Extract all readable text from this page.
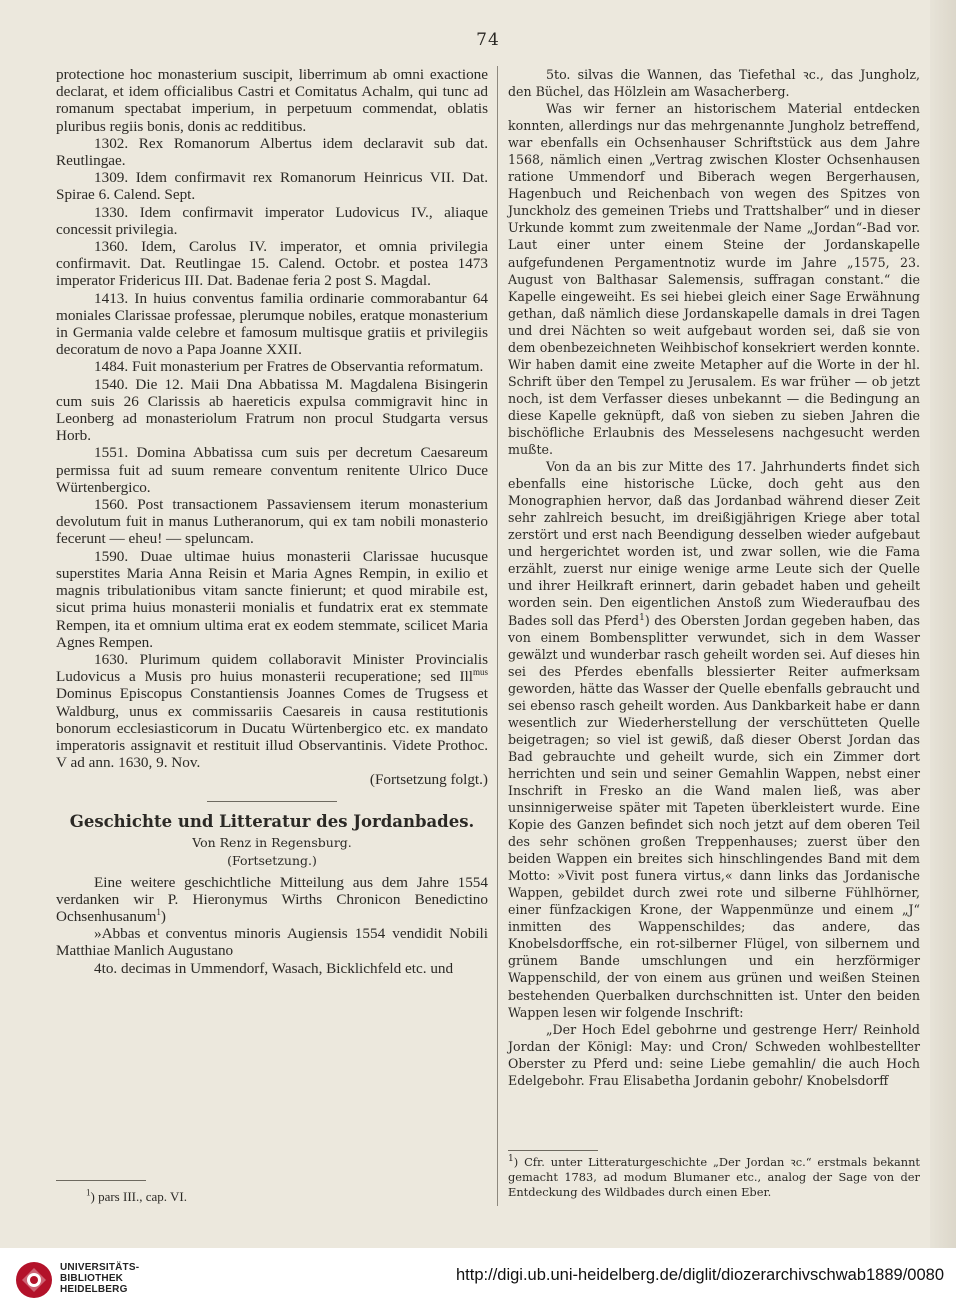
74

protectione hoc monasterium suscipit, liberrimum ab omni exactione declarat, et idem officialibus Castri et Comitatus Achalm, qui tunc ad romanum spectabat imperium, in perpetuum commendat, oblatis pluribus regiis bonis, donis ac redditibus.

1302. Rex Romanorum Albertus idem declaravit sub dat. Reutlingae.

1309. Idem confirmavit rex Romanorum Heinricus VII. Dat. Spirae 6. Calend. Sept.

1330. Idem confirmavit imperator Ludovicus IV., aliaque concessit privilegia.

1360. Idem, Carolus IV. imperator, et omnia privilegia confirmavit. Dat. Reutlingae 15. Calend. Octobr. et postea 1473 imperator Fridericus III. Dat. Badenae feria 2 post S. Magdal.

1413. In huius conventus familia ordinarie commorabantur 64 moniales Clarissae professae, plerumque nobiles, eratque monasterium in Germania valde celebre et famosum multisque gratiis et privilegiis decoratum de novo a Papa Joanne XXII.

1484. Fuit monasterium per Fratres de Observantia reformatum.

1540. Die 12. Maii Dna Abbatissa M. Magdalena Bisingerin cum suis 26 Clarissis ab haereticis expulsa commigravit hinc in Leonberg ad monasteriolum Fratrum non procul Studgarta versus Horb.

1551. Domina Abbatissa cum suis per decretum Caesareum permissa fuit ad suum remeare conventum renitente Ulrico Duce Würtenbergico.

1560. Post transactionem Passaviensem iterum monasterium devolutum fuit in manus Lutheranorum, qui ex tam nobili monasterio fecerunt — eheu! — speluncam.

1590. Duae ultimae huius monasterii Clarissae hucusque superstites Maria Anna Reisin et Maria Agnes Rempin, in exilio et magnis tribulationibus vitam sancte finierunt; et quod mirabile est, sicut prima huius monasterii monialis et fundatrix erat ex stemmate Rempen, ita et omnium ultima erat ex eodem stemmate, scilicet Maria Agnes Rempen.

1630. Plurimum quidem collaboravit Minister Provincialis Ludovicus a Musis pro huius monasterii recuperatione; sed Ill$^{mus}$ Dominus Episcopus Constantiensis Joannes Comes de Trugsess et Waldburg, unus ex commissariis Caesareis in causa restitutionis bonorum ecclesiasticorum in Ducatu Würtenbergico etc. ex mandato imperatoris assignavit et restituit illud Observantinis. Videte Prothoc. V ad ann. 1630, 9. Nov.

(Fortsetzung folgt.)
Geschichte und Litteratur des Jordanbades.
Von Renz in Regensburg.
(Fortsetzung.)

Eine weitere geschichtliche Mitteilung aus dem Jahre 1554 verdanken wir P. Hieronymus Wirths Chronicon Benedictino Ochsenhusanum$^1$)

»Abbas et conventus minoris Augiensis 1554 vendidit Nobili Matthiae Manlich Augustano

4to. decimas in Ummendorf, Wasach, Bicklichfeld etc. und

5to. silvas die Wannen, das Tiefethal ꝛc., das Jungholz, den Büchel, das Hölzlein am Wasacherberg.

Was wir ferner an historischem Material entdecken konnten, allerdings nur das mehrgenannte Jungholz betreffend, war ebenfalls ein Ochsenhauser Schriftstück aus dem Jahre 1568, nämlich einen „Vertrag zwischen Kloster Ochsenhausen ratione Ummendorf und Biberach wegen Bergerhausen, Hagenbuch und Reichenbach von wegen des Spitzes von Junckholz des gemeinen Triebs und Trattshalber“ und in dieser Urkunde kommt zum zweitenmale der Name „Jordan“-Bad vor. Laut einer unter einem Steine der Jordanskapelle aufgefundenen Pergamentnotiz wurde im Jahre „1575, 23. August von Balthasar Salemensis, suffragan constant.“ die Kapelle eingeweiht. Es sei hiebei gleich einer Sage Erwähnung gethan, daß nämlich diese Jordanskapelle damals in drei Tagen und drei Nächten so weit aufgebaut worden sei, daß sie von dem obenbezeichneten Weihbischof konsekriert werden konnte. Wir haben damit eine zweite Metapher auf die Worte in der hl. Schrift über den Tempel zu Jerusalem. Es war früher — ob jetzt noch, ist dem Verfasser dieses unbekannt — die Bedingung an diese Kapelle geknüpft, daß von sieben zu sieben Jahren die bischöfliche Erlaubnis des Messelesens nachgesucht werden mußte.

Von da an bis zur Mitte des 17. Jahrhunderts findet sich ebenfalls eine historische Lücke, doch geht aus den Monographien hervor, daß das Jordanbad während dieser Zeit sehr zahlreich besucht, im dreißigjährigen Kriege aber total zerstört und erst nach Beendigung desselben wieder aufgebaut und hergerichtet worden ist, und zwar sollen, wie die Fama erzählt, zuerst nur einige wenige arme Leute sich der Quelle und ihrer Heilkraft erinnert, darin gebadet haben und geheilt worden sein. Den eigentlichen Anstoß zum Wiederaufbau des Bades soll das Pferd$^1$) des Obersten Jordan gegeben haben, das von einem Bombensplitter verwundet, sich in dem Wasser gewälzt und wunderbar rasch geheilt worden sei. Auf dieses hin sei des Pferdes ebenfalls blessierter Reiter aufmerksam geworden, hätte das Wasser der Quelle ebenfalls gebraucht und sei ebenso rasch geheilt worden. Aus Dankbarkeit habe er dann wesentlich zur Wiederherstellung der verschütteten Quelle beigetragen; so viel ist gewiß, daß dieser Oberst Jordan das Bad gebrauchte und geheilt wurde, sich ein Zimmer dort herrichten und sein und seiner Gemahlin Wappen, nebst einer Inschrift in Fresko an die Wand malen ließ, was aber unsinnigerweise später mit Tapeten überkleistert wurde. Eine Kopie des Ganzen befindet sich noch jetzt auf dem oberen Teil des sehr schönen großen Treppenhauses; zuerst über den beiden Wappen ein breites sich hinschlingendes Band mit dem Motto: »Vivit post funera virtus,« dann links das Jordanische Wappen, gebildet durch zwei rote und silberne Fühlhörner, einer fünfzackigen Krone, der Wappenmünze und einem „J“ inmitten des Wappenschildes; das andere, das Knobelsdorffsche, ein rot-silberner Flügel, von silbernem und grünem Bande umschlungen und ein herzförmiger Wappenschild, der von einem aus grünen und weißen Steinen bestehenden Querbalken durchschnitten ist. Unter den beiden Wappen lesen wir folgende Inschrift:

„Der Hoch Edel gebohrne und gestrenge Herr/ Reinhold Jordan der Königl: May: und Cron/ Schweden wohlbestellter Oberster zu Pferd und: seine Liebe gemahlin/ die auch Hoch Edelgebohr. Frau Elisabetha Jordanin gebohr/ Knobelsdorff

$^1$) pars III., cap. VI.
$^1$) Cfr. unter Litteraturgeschichte „Der Jordan ꝛc.“ erstmals bekannt gemacht 1783, ad modum Blumaner etc., analog der Sage von der Entdeckung des Wildbades durch einen Eber.
UNIVERSITÄTS-
BIBLIOTHEK
HEIDELBERG
http://digi.ub.uni-heidelberg.de/diglit/diozerarchivschwab1889/0080
